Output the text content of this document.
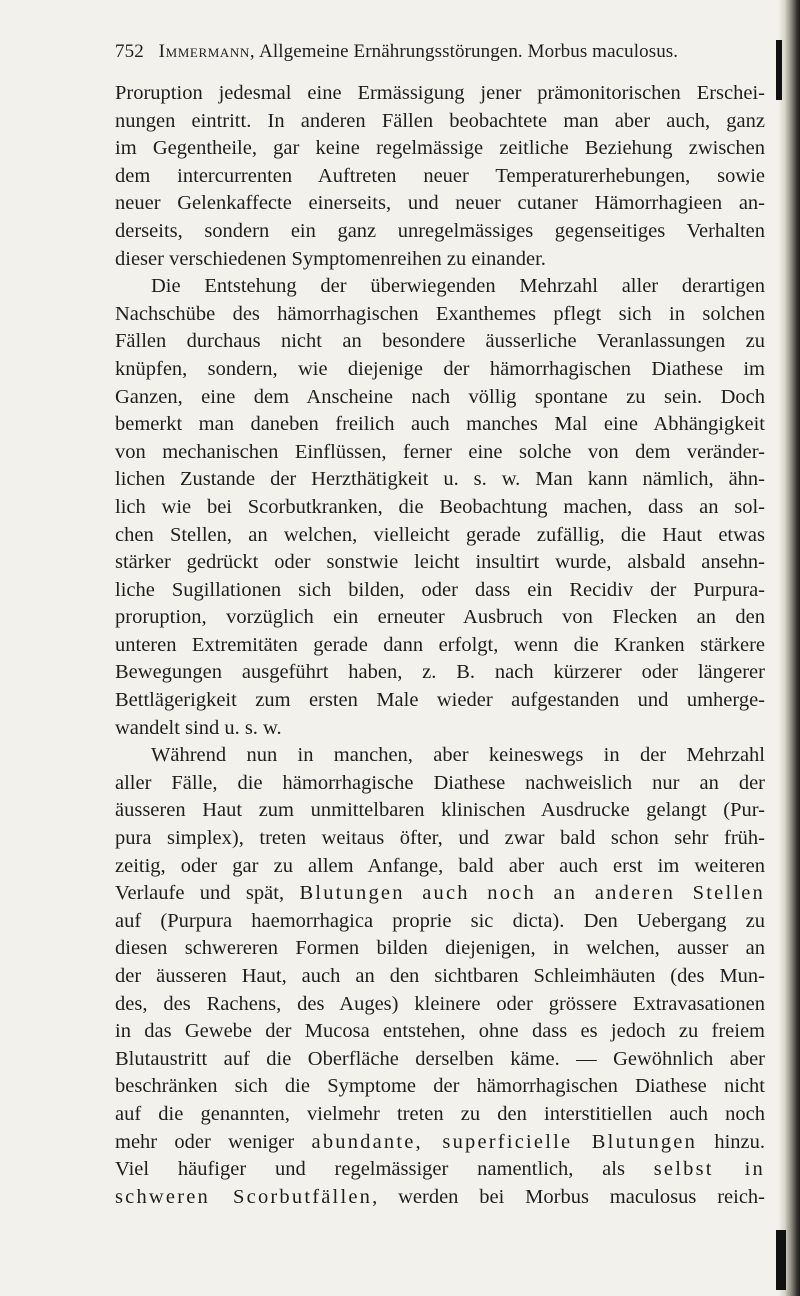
752 Immermann, Allgemeine Ernährungsstörungen. Morbus maculosus.
Proruption jedesmal eine Ermässigung jener prämonitorischen Erschei-
nungen eintritt. In anderen Fällen beobachtete man aber auch, ganz
im Gegentheile, gar keine regelmässige zeitliche Beziehung zwischen
dem intercurrenten Auftreten neuer Temperaturerhebungen, sowie
neuer Gelenkaffecte einerseits, und neuer cutaner Hämorrhagieen an-
derseits, sondern ein ganz unregelmässiges gegenseitiges Verhalten
dieser verschiedenen Symptomenreihen zu einander.
Die Entstehung der überwiegenden Mehrzahl aller derartigen
Nachschübe des hämorrhagischen Exanthemes pflegt sich in solchen
Fällen durchaus nicht an besondere äusserliche Veranlassungen zu
knüpfen, sondern, wie diejenige der hämorrhagischen Diathese im
Ganzen, eine dem Anscheine nach völlig spontane zu sein. Doch
bemerkt man daneben freilich auch manches Mal eine Abhängigkeit
von mechanischen Einflüssen, ferner eine solche von dem veränder-
lichen Zustande der Herzthätigkeit u. s. w. Man kann nämlich, ähn-
lich wie bei Scorbutkranken, die Beobachtung machen, dass an sol-
chen Stellen, an welchen, vielleicht gerade zufällig, die Haut etwas
stärker gedrückt oder sonstwie leicht insultirt wurde, alsbald ansehn-
liche Sugillationen sich bilden, oder dass ein Recidiv der Purpura-
proruption, vorzüglich ein erneuter Ausbruch von Flecken an den
unteren Extremitäten gerade dann erfolgt, wenn die Kranken stärkere
Bewegungen ausgeführt haben, z. B. nach kürzerer oder längerer
Bettlägerigkeit zum ersten Male wieder aufgestanden und umherge-
wandelt sind u. s. w.
Während nun in manchen, aber keineswegs in der Mehrzahl
aller Fälle, die hämorrhagische Diathese nachweislich nur an der
äusseren Haut zum unmittelbaren klinischen Ausdrucke gelangt (Pur-
pura simplex), treten weitaus öfter, und zwar bald schon sehr früh-
zeitig, oder gar zu allem Anfange, bald aber auch erst im weiteren
Verlaufe und spät, Blutungen auch noch an anderen Stellen
auf (Purpura haemorrhagica proprie sic dicta). Den Uebergang zu
diesen schwereren Formen bilden diejenigen, in welchen, ausser an
der äusseren Haut, auch an den sichtbaren Schleimhäuten (des Mun-
des, des Rachens, des Auges) kleinere oder grössere Extravasationen
in das Gewebe der Mucosa entstehen, ohne dass es jedoch zu freiem
Blutaustritt auf die Oberfläche derselben käme. — Gewöhnlich aber
beschränken sich die Symptome der hämorrhagischen Diathese nicht
auf die genannten, vielmehr treten zu den interstitiellen auch noch
mehr oder weniger abundante, superficielle Blutungen hinzu.
Viel häufiger und regelmässiger namentlich, als selbst in
schweren Scorbutfällen, werden bei Morbus maculosus reich-
